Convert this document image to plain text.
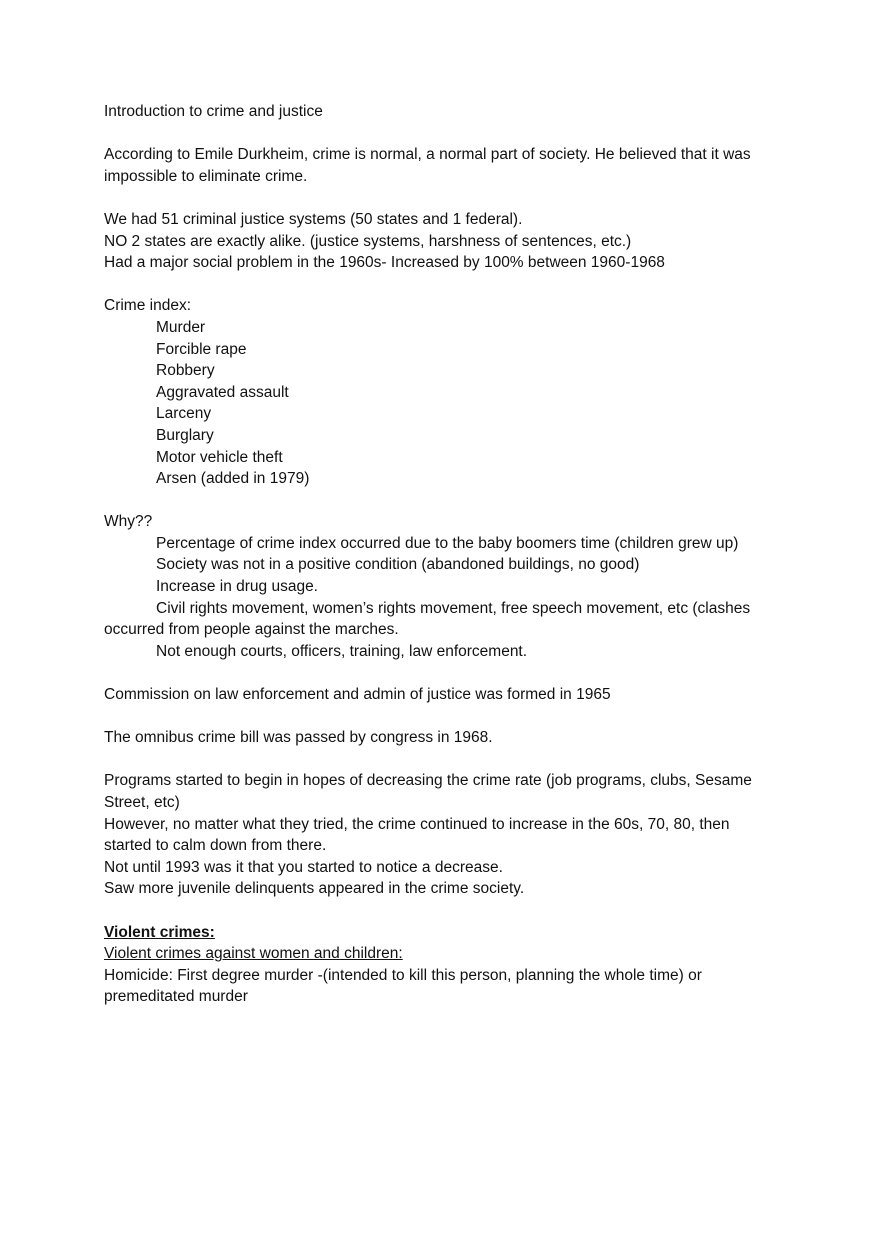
Introduction to crime and justice
According to Emile Durkheim, crime is normal, a normal part of society. He believed that it was
impossible to eliminate crime.
We had 51 criminal justice systems (50 states and 1 federal).
NO 2 states are exactly alike. (justice systems, harshness of sentences, etc.)
Had a major social problem in the 1960s- Increased by 100% between 1960-1968
Crime index:
Murder
Forcible rape
Robbery
Aggravated assault
Larceny
Burglary
Motor vehicle theft
Arsen (added in 1979)
Why??
Percentage of crime index occurred due to the baby boomers time (children grew up)
Society was not in a positive condition (abandoned buildings, no good)
Increase in drug usage.
Civil rights movement, women’s rights movement, free speech movement, etc (clashes
occurred from people against the marches.
Not enough courts, officers, training, law enforcement.
Commission on law enforcement and admin of justice was formed in 1965
The omnibus crime bill was passed by congress in 1968.
Programs started to begin in hopes of decreasing the crime rate (job programs, clubs, Sesame
Street, etc)
However, no matter what they tried, the crime continued to increase in the 60s, 70, 80, then
started to calm down from there.
Not until 1993 was it that you started to notice a decrease.
Saw more juvenile delinquents appeared in the crime society.
Violent crimes:
Violent crimes against women and children:
Homicide: First degree murder -(intended to kill this person, planning the whole time) or
premeditated murder
